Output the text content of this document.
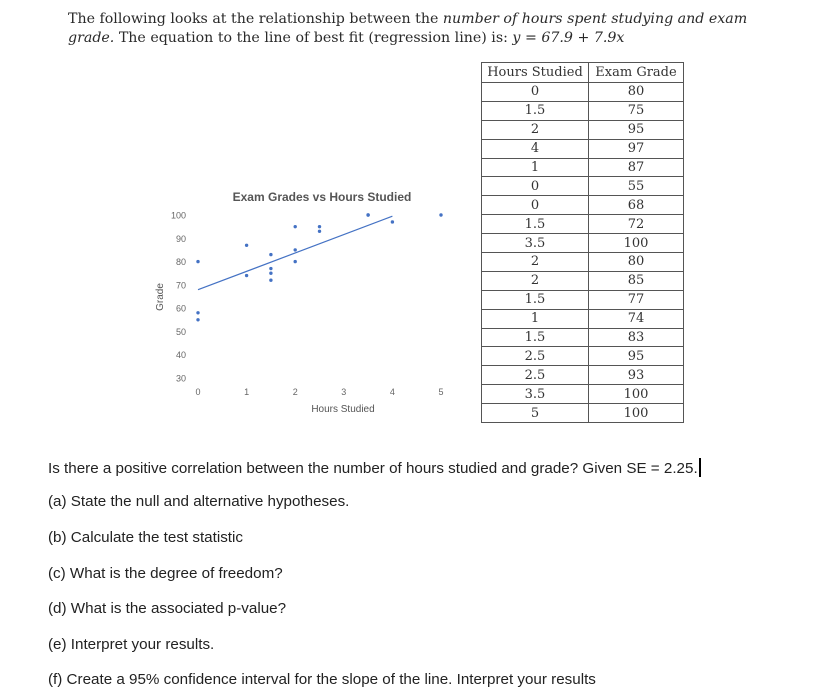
The following looks at the relationship between the number of hours spent studying and exam grade. The equation to the line of best fit (regression line) is: y = 67.9 + 7.9x
Exam Grades vs Hours Studied
Grade
Hours Studied
30
40
50
60
70
80
90
100
0	1	2	3	4	5
Hours Studied	Exam Grade
0	80
1.5	75
2	95
4	97
1	87
0	55
0	68
1.5	72
3.5	100
2	80
2	85
1.5	77
1	74
1.5	83
2.5	95
2.5	93
3.5	100
5	100
Is there a positive correlation between the number of hours studied and grade? Given SE = 2.25.
(a) State the null and alternative hypotheses.
(b) Calculate the test statistic
(c) What is the degree of freedom?
(d) What is the associated p-value?
(e) Interpret your results.
(f) Create a 95% confidence interval for the slope of the line. Interpret your results
